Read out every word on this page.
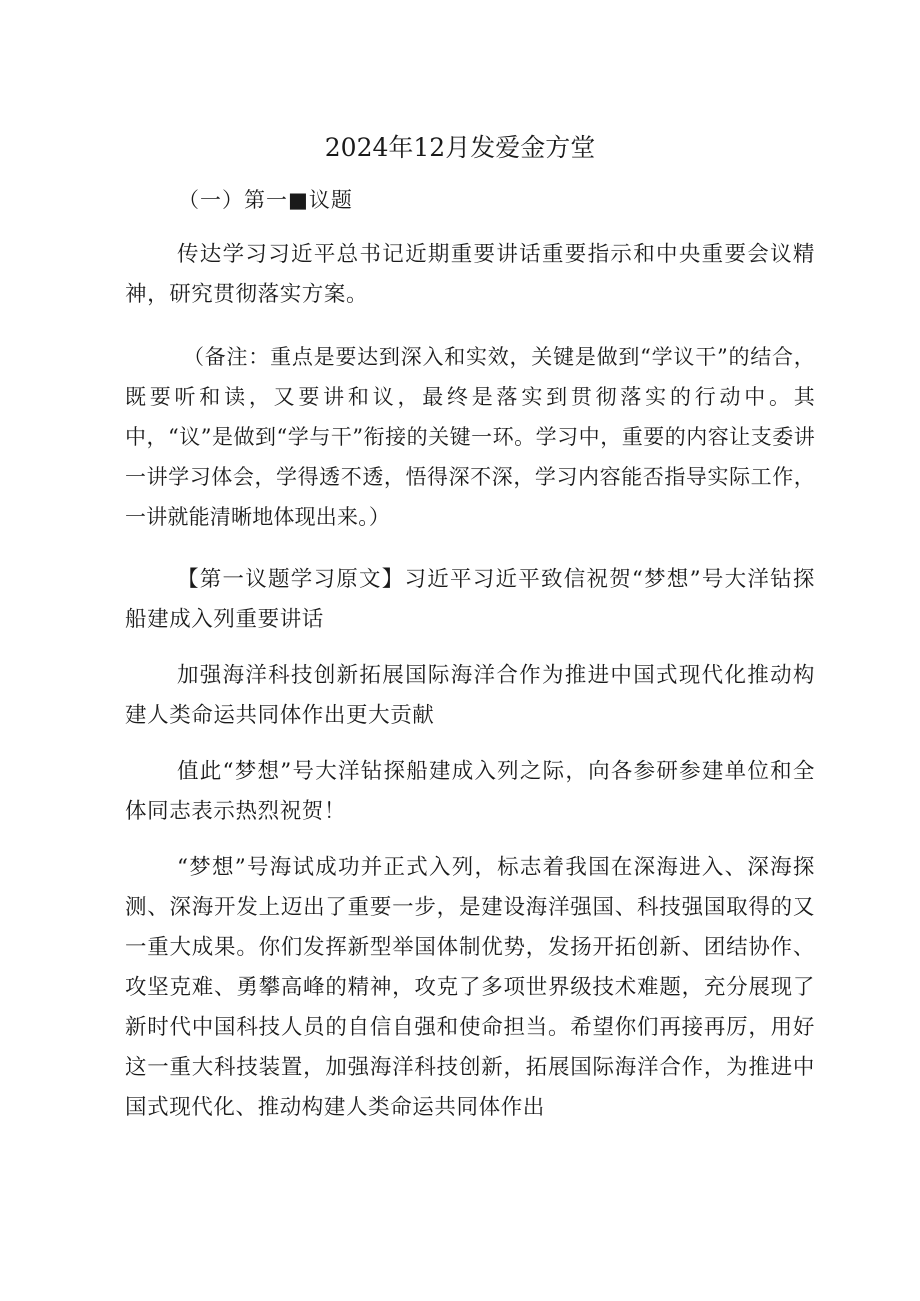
2024年12月发爱金方堂
（一）第一■议题

传达学习习近平总书记近期重要讲话重要指示和中央重要会议精神，研究贯彻落实方案。

（备注：重点是要达到深入和实效，关键是做到“学议干”的结合，既要听和读，又要讲和议，最终是落实到贯彻落实的行动中。其中，“议”是做到“学与干”衔接的关键一环。学习中，重要的内容让支委讲一讲学习体会，学得透不透，悟得深不深，学习内容能否指导实际工作，一讲就能清晰地体现出来。）

【第一议题学习原文】习近平习近平致信祝贺“梦想”号大洋钻探船建成入列重要讲话

加强海洋科技创新拓展国际海洋合作为推进中国式现代化推动构建人类命运共同体作出更大贡献

值此“梦想”号大洋钻探船建成入列之际，向各参研参建单位和全体同志表示热烈祝贺！

“梦想”号海试成功并正式入列，标志着我国在深海进入、深海探测、深海开发上迈出了重要一步，是建设海洋强国、科技强国取得的又一重大成果。你们发挥新型举国体制优势，发扬开拓创新、团结协作、攻坚克难、勇攀高峰的精神，攻克了多项世界级技术难题，充分展现了新时代中国科技人员的自信自强和使命担当。希望你们再接再厉，用好这一重大科技装置，加强海洋科技创新，拓展国际海洋合作，为推进中国式现代化、推动构建人类命运共同体作出
